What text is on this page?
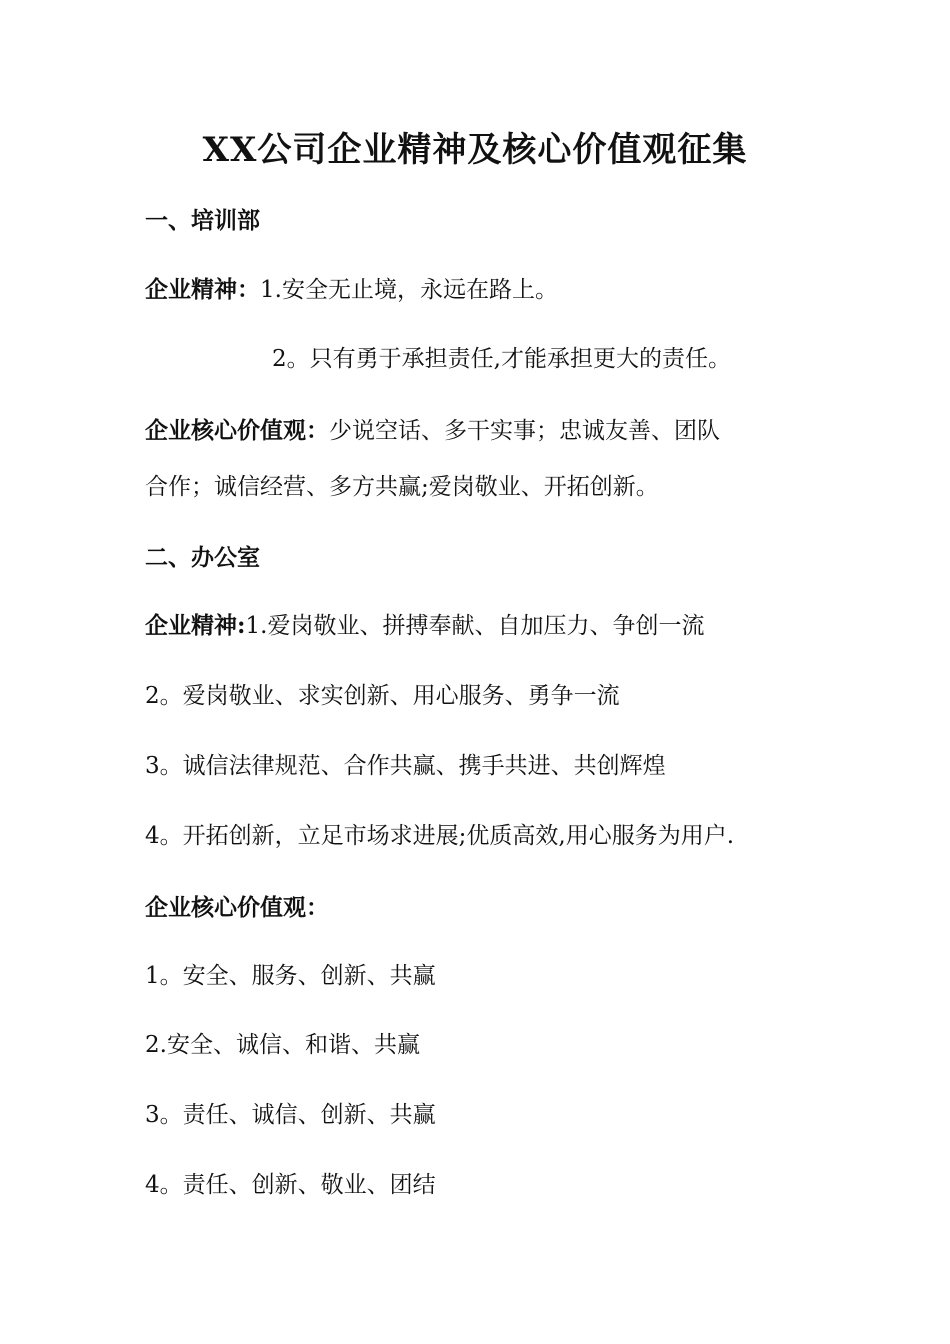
XX公司企业精神及核心价值观征集
一、培训部
企业精神：1.安全无止境，永远在路上。
2。只有勇于承担责任,才能承担更大的责任。
企业核心价值观：少说空话、多干实事；忠诚友善、团队
合作；诚信经营、多方共赢;爱岗敬业、开拓创新。
二、办公室
企业精神:1.爱岗敬业、拼搏奉献、自加压力、争创一流
2。爱岗敬业、求实创新、用心服务、勇争一流
3。诚信法律规范、合作共赢、携手共进、共创辉煌
4。开拓创新，立足市场求进展;优质高效,用心服务为用户.
企业核心价值观：
1。安全、服务、创新、共赢
2.安全、诚信、和谐、共赢
3。责任、诚信、创新、共赢
4。责任、创新、敬业、团结
